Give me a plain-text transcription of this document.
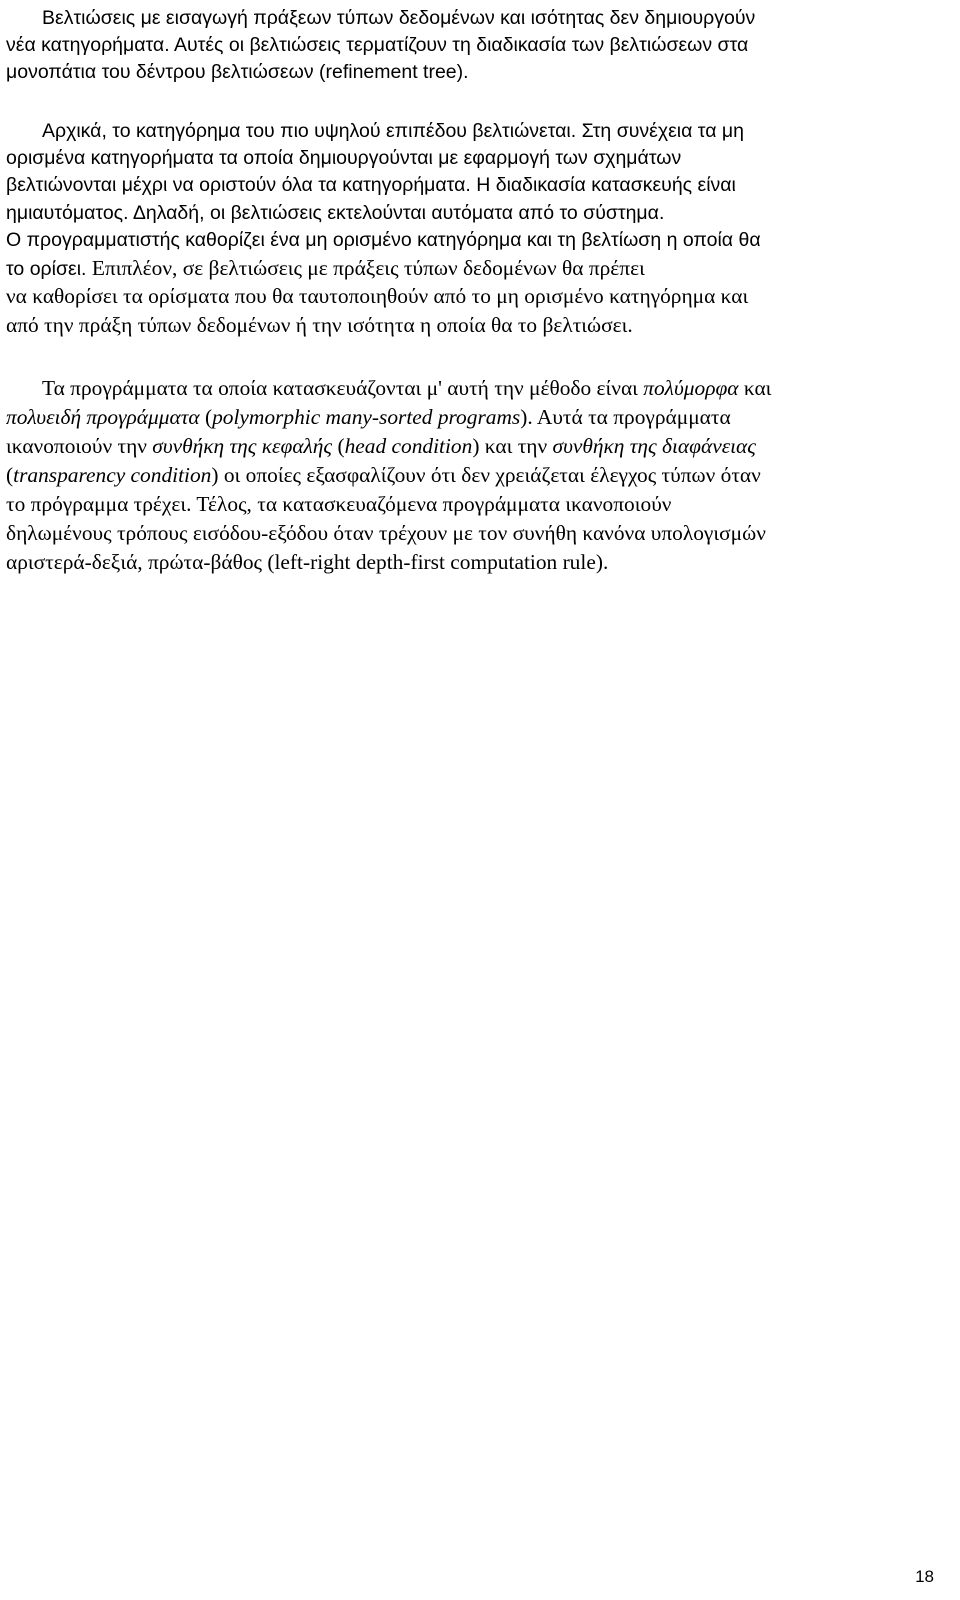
Βελτιώσεις με εισαγωγή πράξεων τύπων δεδομένων και ισότητας δεν δημιουργούν

νέα κατηγορήματα. Αυτές οι βελτιώσεις τερματίζουν τη διαδικασία των βελτιώσεων στα

μονοπάτια του δέντρου βελτιώσεων (refinement tree).

Αρχικά, το κατηγόρημα του πιο υψηλού επιπέδου βελτιώνεται. Στη συνέχεια τα μη

ορισμένα κατηγορήματα τα οποία δημιουργούνται με εφαρμογή των σχημάτων

βελτιώνονται μέχρι να οριστούν όλα τα κατηγορήματα. Η διαδικασία κατασκευής είναι

ημιαυτόματος. Δηλαδή, οι βελτιώσεις εκτελούνται αυτόματα από το σύστημα.

Ο προγραμματιστής καθορίζει ένα μη ορισμένο κατηγόρημα και τη βελτίωση η οποία θα

το ορίσει. Επιπλέον, σε βελτιώσεις με πράξεις τύπων δεδομένων θα πρέπει

να καθορίσει τα ορίσματα που θα ταυτοποιηθούν από το μη ορισμένο κατηγόρημα και

από την πράξη τύπων δεδομένων ή την ισότητα η οποία θα το βελτιώσει.

Τα προγράμματα τα οποία κατασκευάζονται μ' αυτή την μέθοδο είναι πολύμορφα και

πολυειδή προγράμματα (polymorphic many-sorted programs). Αυτά τα προγράμματα

ικανοποιούν την συνθήκη της κεφαλής (head condition) και την συνθήκη της διαφάνειας

(transparency condition) οι οποίες εξασφαλίζουν ότι δεν χρειάζεται έλεγχος τύπων όταν

το πρόγραμμα τρέχει. Τέλος, τα κατασκευαζόμενα προγράμματα ικανοποιούν

δηλωμένους τρόπους εισόδου-εξόδου όταν τρέχουν με τον συνήθη κανόνα υπολογισμών

αριστερά-δεξιά, πρώτα-βάθος (left-right depth-first computation rule).

18
